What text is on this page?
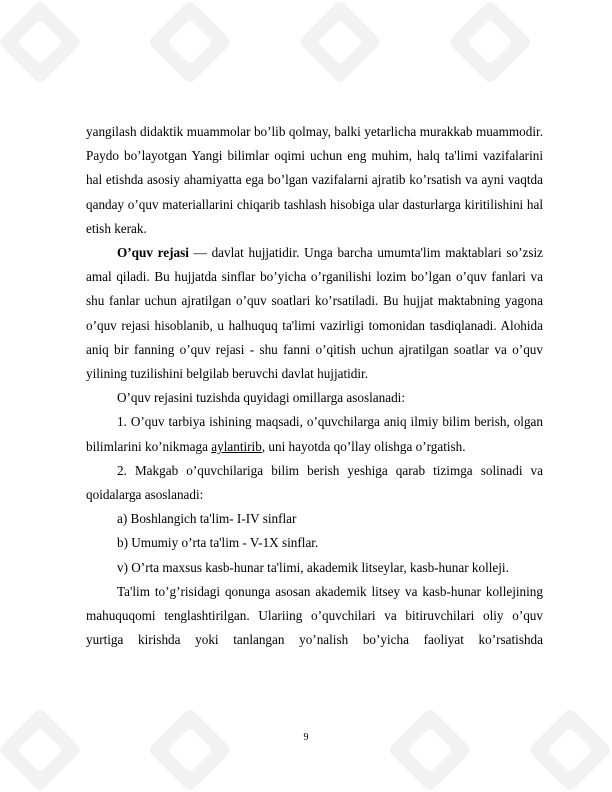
yangilash didaktik muammolar bo’lib qolmay, balki yetarlicha murakkab muammodir. Paydo bo’layotgan Yangi bilimlar oqimi uchun eng muhim, halq ta'limi vazifalarini hal etishda asosiy ahamiyatta ega bo’lgan vazifalarni ajratib ko’rsatish va ayni vaqtda qanday o’quv materiallarini chiqarib tashlash hisobiga ular dasturlarga kiritilishini hal etish kerak.

O’quv rejasi — davlat hujjatidir. Unga barcha umumta'lim maktablari so’zsiz amal qiladi. Bu hujjatda sinflar bo’yicha o’rganilishi lozim bo’lgan o’quv fanlari va shu fanlar uchun ajratilgan o’quv soatlari ko’rsatiladi. Bu hujjat maktabning yagona o’quv rejasi hisoblanib, u halhuquq ta'limi vazirligi tomonidan tasdiqlanadi. Alohida aniq bir fanning o’quv rejasi - shu fanni o’qitish uchun ajratilgan soatlar va o’quv yilining tuzilishini belgilab beruvchi davlat hujjatidir.

O’quv rejasini tuzishda quyidagi omillarga asoslanadi:

1. O’quv tarbiya ishining maqsadi, o’quvchilarga aniq ilmiy bilim berish, olgan bilimlarini ko’nikmaga aylantirib, uni hayotda qo’llay olishga o’rgatish.

2. Makgab o’quvchilariga bilim berish yeshiga qarab tizimga solinadi va qoidalarga asoslanadi:

a) Boshlangich ta'lim- I-IV sinflar

b) Umumiy o’rta ta'lim - V-1X sinflar.

v) O’rta maxsus kasb-hunar ta'limi, akademik litseylar, kasb-hunar kolleji.

Ta'lim to’g’risidagi qonunga asosan akademik litsey va kasb-hunar kollejining mahuquqomi tenglashtirilgan. Ulariing o’quvchilari va bitiruvchilari oliy o’quv yurtiga kirishda yoki tanlangan yo’nalish bo’yicha faoliyat ko’rsatishda

9
